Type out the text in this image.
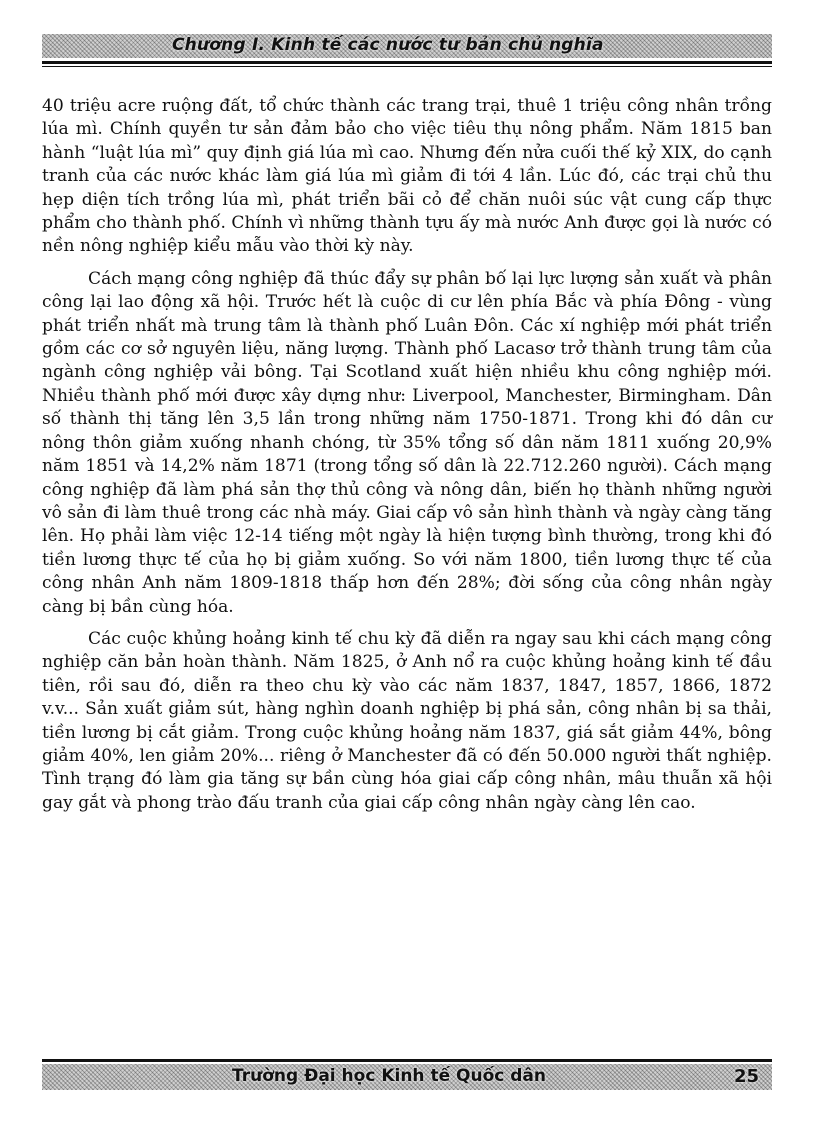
Chương I. Kinh tế các nước tư bản chủ nghĩa

40 triệu acre ruộng đất, tổ chức thành các trang trại, thuê 1 triệu công nhân trồng lúa mì. Chính quyền tư sản đảm bảo cho việc tiêu thụ nông phẩm. Năm 1815 ban hành “luật lúa mì” quy định giá lúa mì cao. Nhưng đến nửa cuối thế kỷ XIX, do cạnh tranh của các nước khác làm giá lúa mì giảm đi tới 4 lần. Lúc đó, các trại chủ thu hẹp diện tích trồng lúa mì, phát triển bãi cỏ để chăn nuôi súc vật cung cấp thực phẩm cho thành phố. Chính vì những thành tựu ấy mà nước Anh được gọi là nước có nền nông nghiệp kiểu mẫu vào thời kỳ này.

Cách mạng công nghiệp đã thúc đẩy sự phân bố lại lực lượng sản xuất và phân công lại lao động xã hội. Trước hết là cuộc di cư lên phía Bắc và phía Đông - vùng phát triển nhất mà trung tâm là thành phố Luân Đôn. Các xí nghiệp mới phát triển gồm các cơ sở nguyên liệu, năng lượng. Thành phố Lacasơ trở thành trung tâm của ngành công nghiệp vải bông. Tại Scotland xuất hiện nhiều khu công nghiệp mới. Nhiều thành phố mới được xây dựng như: Liverpool, Manchester, Birmingham. Dân số thành thị tăng lên 3,5 lần trong những năm 1750-1871. Trong khi đó dân cư nông thôn giảm xuống nhanh chóng, từ 35% tổng số dân năm 1811 xuống 20,9% năm 1851 và 14,2% năm 1871 (trong tổng số dân là 22.712.260 người). Cách mạng công nghiệp đã làm phá sản thợ thủ công và nông dân, biến họ thành những người vô sản đi làm thuê trong các nhà máy. Giai cấp vô sản hình thành và ngày càng tăng lên. Họ phải làm việc 12-14 tiếng một ngày là hiện tượng bình thường, trong khi đó tiền lương thực tế của họ bị giảm xuống. So với năm 1800, tiền lương thực tế của công nhân Anh năm 1809-1818 thấp hơn đến 28%; đời sống của công nhân ngày càng bị bần cùng hóa.

Các cuộc khủng hoảng kinh tế chu kỳ đã diễn ra ngay sau khi cách mạng công nghiệp căn bản hoàn thành. Năm 1825, ở Anh nổ ra cuộc khủng hoảng kinh tế đầu tiên, rồi sau đó, diễn ra theo chu kỳ vào các năm 1837, 1847, 1857, 1866, 1872 v.v... Sản xuất giảm sút, hàng nghìn doanh nghiệp bị phá sản, công nhân bị sa thải, tiền lương bị cắt giảm. Trong cuộc khủng hoảng năm 1837, giá sắt giảm 44%, bông giảm 40%, len giảm 20%... riêng ở Manchester đã có đến 50.000 người thất nghiệp. Tình trạng đó làm gia tăng sự bần cùng hóa giai cấp công nhân, mâu thuẫn xã hội gay gắt và phong trào đấu tranh của giai cấp công nhân ngày càng lên cao.

Trường Đại học Kinh tế Quốc dân	25
